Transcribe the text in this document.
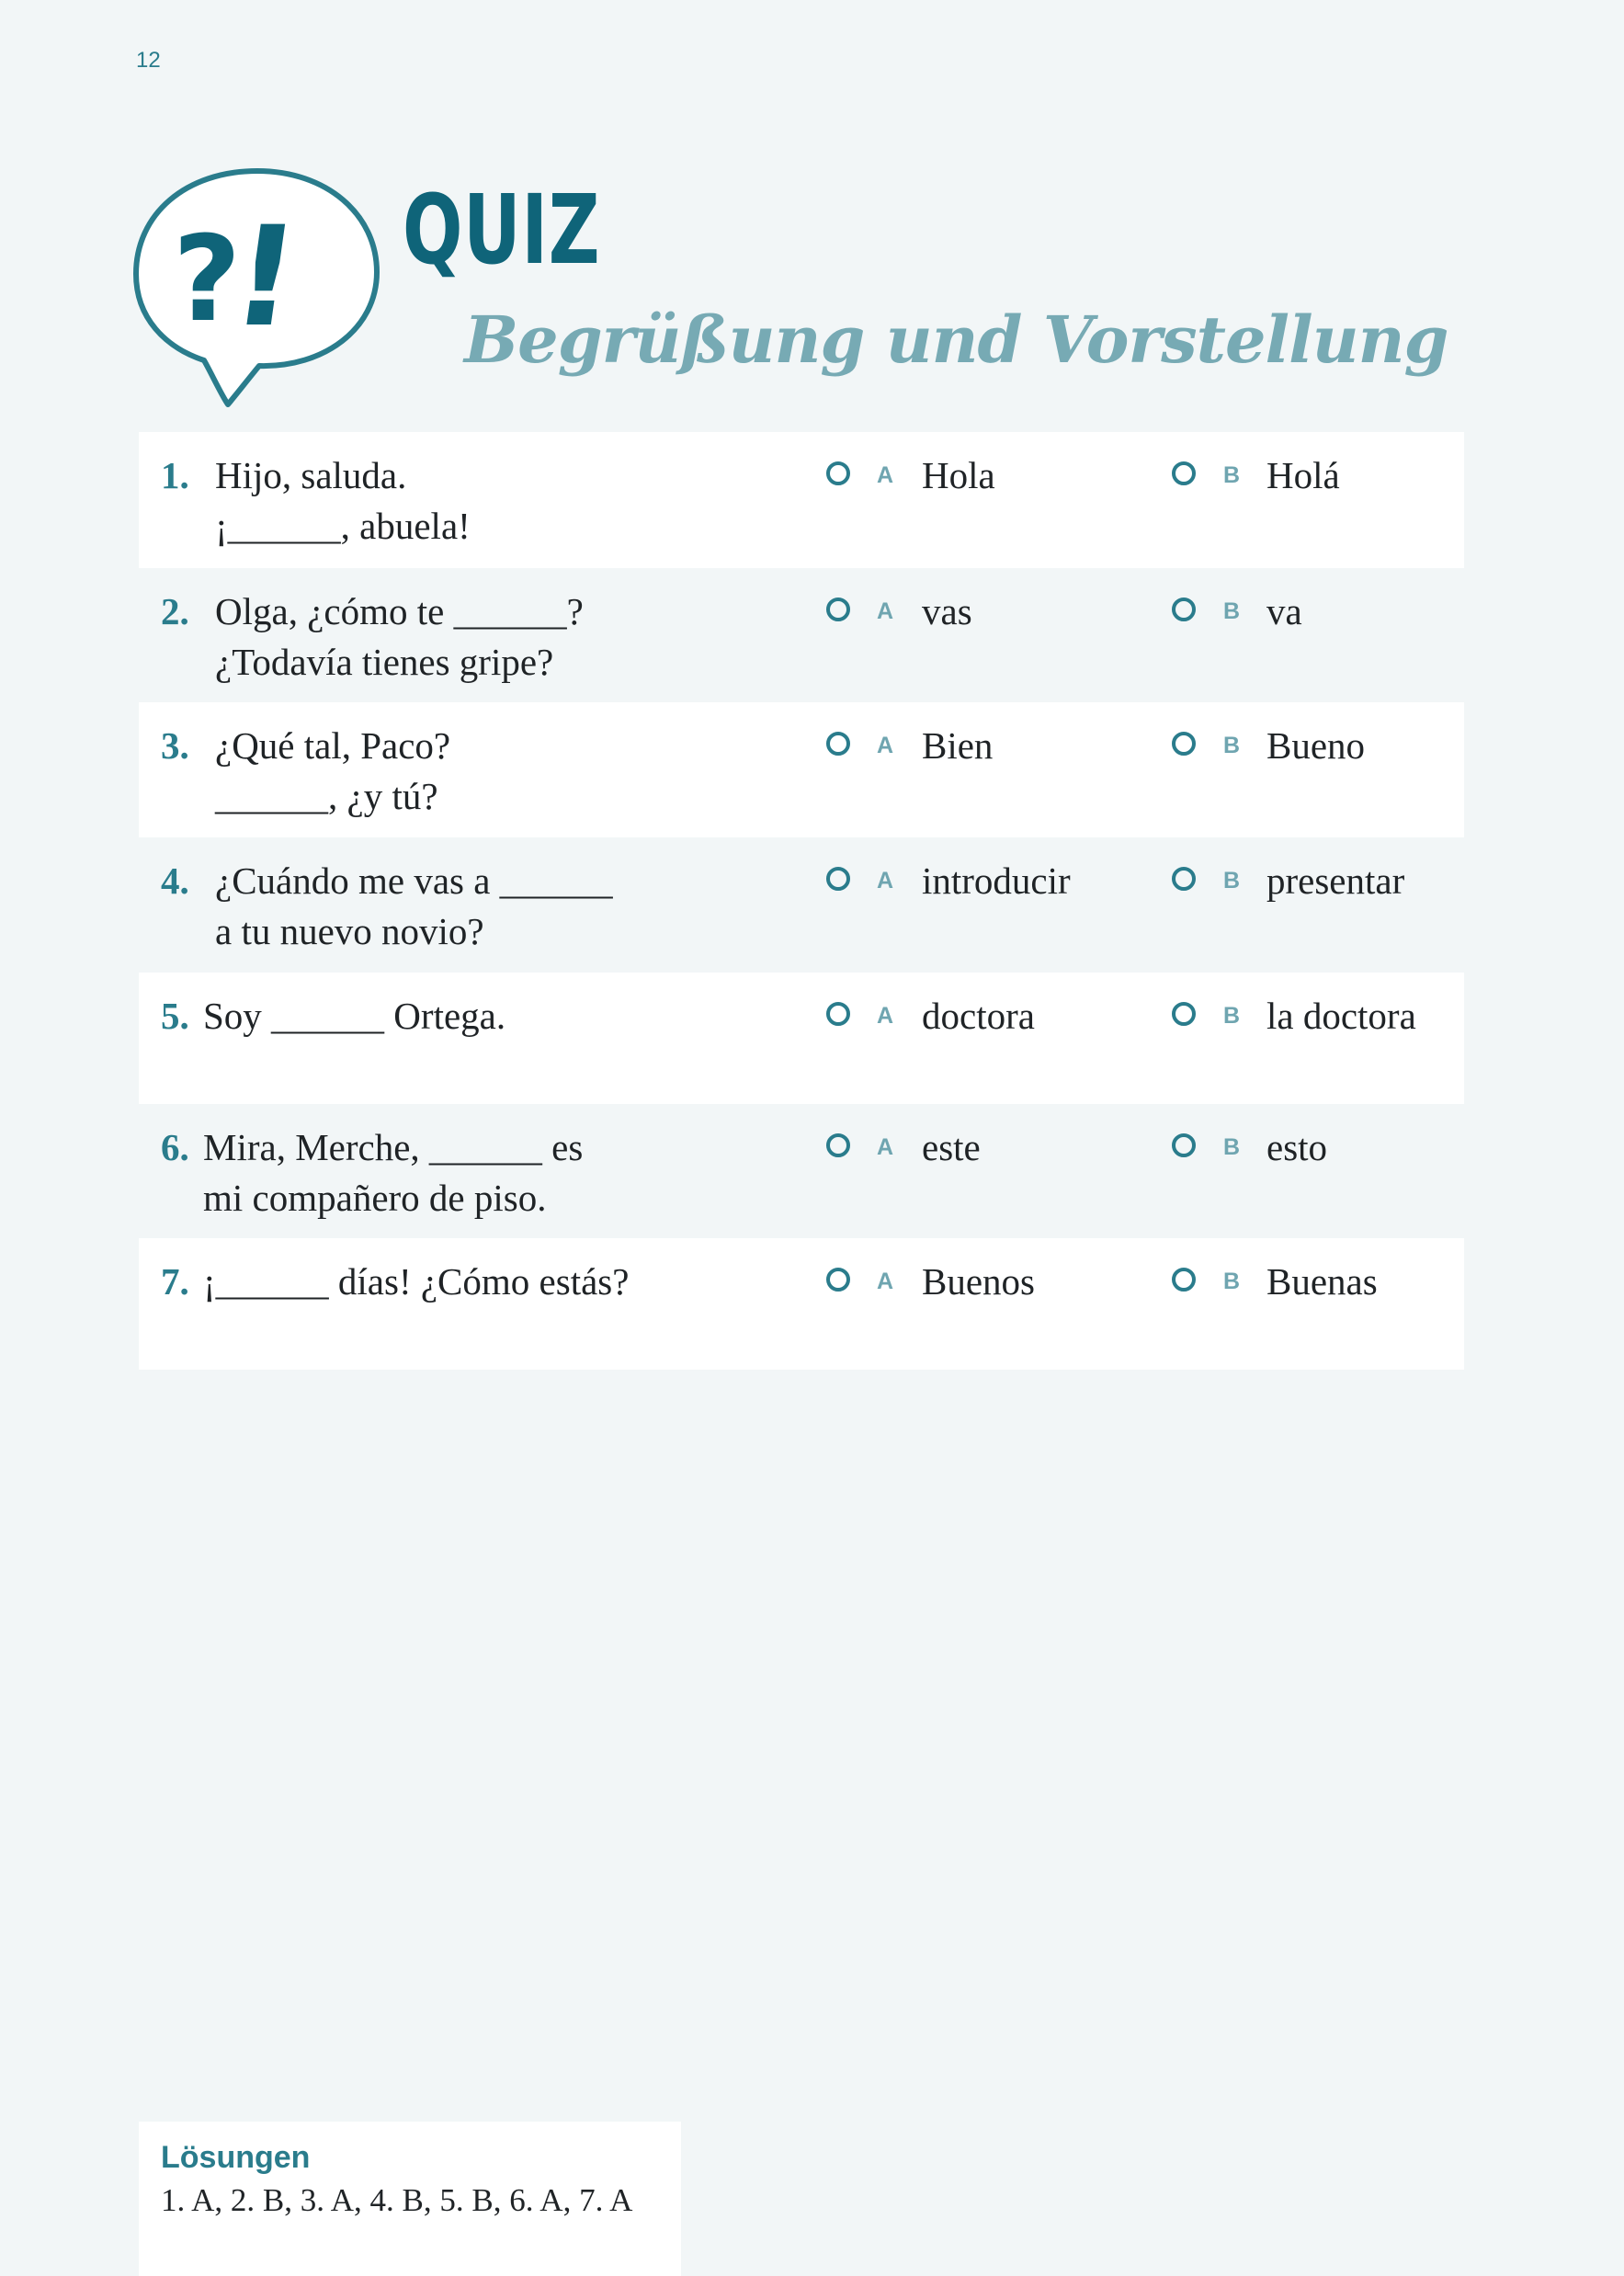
12
?
! QUIZ
Begrüßung und Vorstellung
1. Hijo, saluda.
¡______, abuela!
A Hola	B Holá
2. Olga, ¿cómo te ______?
¿Todavía tienes gripe?
A vas	B va
3. ¿Qué tal, Paco?
______, ¿y tú?
A Bien	B Bueno
4. ¿Cuándo me vas a ______
a tu nuevo novio?
A introducir	B presentar
5. Soy ______ Ortega.	A doctora	B la doctora
6. Mira, Merche, ______ es
mi compañero de piso.
A este	B esto
7. ¡______ días! ¿Cómo estás?	A Buenos	B Buenas
Lösungen
1. A, 2. B, 3. A, 4. B, 5. B, 6. A, 7. A
